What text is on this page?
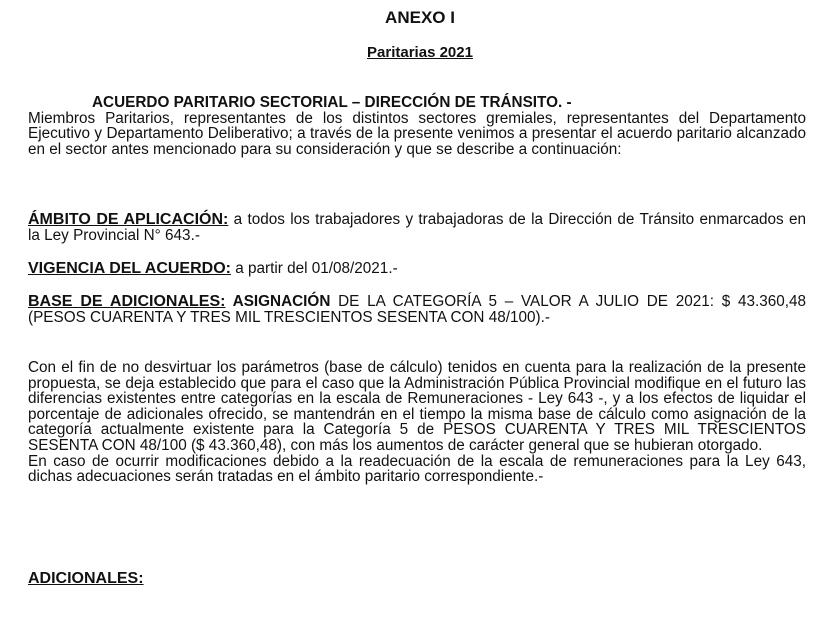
ANEXO I
Paritarias 2021
ACUERDO PARITARIO SECTORIAL – DIRECCIÓN DE TRÁNSITO. -

Miembros Paritarios, representantes de los distintos sectores gremiales, representantes del Departamento Ejecutivo y Departamento Deliberativo; a través de la presente venimos a presentar el acuerdo paritario alcanzado en el sector antes mencionado para su consideración y que se describe a continuación:

ÁMBITO DE APLICACIÓN: a todos los trabajadores y trabajadoras de la Dirección de Tránsito enmarcados en la Ley Provincial N° 643.-

VIGENCIA DEL ACUERDO: a partir del 01/08/2021.-

BASE DE ADICIONALES: ASIGNACIÓN DE LA CATEGORÍA 5 – VALOR A JULIO DE 2021: $ 43.360,48 (PESOS CUARENTA Y TRES MIL TRESCIENTOS SESENTA CON 48/100).-

Con el fin de no desvirtuar los parámetros (base de cálculo) tenidos en cuenta para la realización de la presente propuesta, se deja establecido que para el caso que la Administración Pública Provincial modifique en el futuro las diferencias existentes entre categorías en la escala de Remuneraciones - Ley 643 -, y a los efectos de liquidar el porcentaje de adicionales ofrecido, se mantendrán en el tiempo la misma base de cálculo como asignación de la categoría actualmente existente para la Categoría 5 de PESOS CUARENTA Y TRES MIL TRESCIENTOS SESENTA CON 48/100 ($ 43.360,48), con más los aumentos de carácter general que se hubieran otorgado.

En caso de ocurrir modificaciones debido a la readecuación de la escala de remuneraciones para la Ley 643, dichas adecuaciones serán tratadas en el ámbito paritario correspondiente.-

ADICIONALES:
